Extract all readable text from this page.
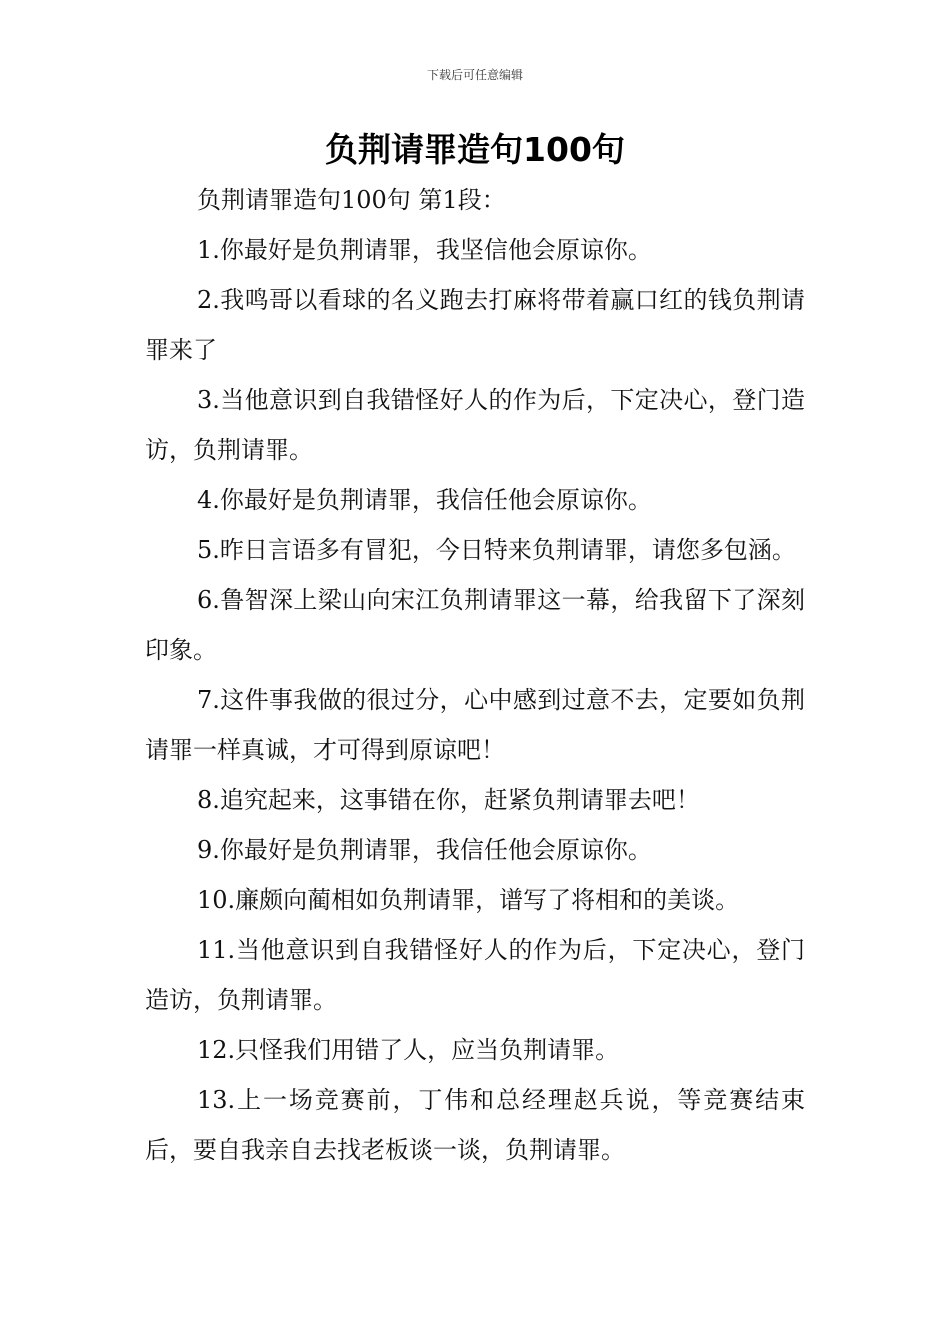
下载后可任意编辑
负荆请罪造句100句

负荆请罪造句100句 第1段：

1.你最好是负荆请罪，我坚信他会原谅你。

2.我鸣哥以看球的名义跑去打麻将带着赢口红的钱负荆请罪来了

3.当他意识到自我错怪好人的作为后，下定决心，登门造访，负荆请罪。

4.你最好是负荆请罪，我信任他会原谅你。

5.昨日言语多有冒犯，今日特来负荆请罪，请您多包涵。

6.鲁智深上梁山向宋江负荆请罪这一幕，给我留下了深刻印象。

7.这件事我做的很过分，心中感到过意不去，定要如负荆请罪一样真诚，才可得到原谅吧！

8.追究起来，这事错在你，赶紧负荆请罪去吧！

9.你最好是负荆请罪，我信任他会原谅你。

10.廉颇向蔺相如负荆请罪，谱写了将相和的美谈。

11.当他意识到自我错怪好人的作为后，下定决心，登门造访，负荆请罪。

12.只怪我们用错了人，应当负荆请罪。

13.上一场竞赛前，丁伟和总经理赵兵说，等竞赛结束后，要自我亲自去找老板谈一谈，负荆请罪。
